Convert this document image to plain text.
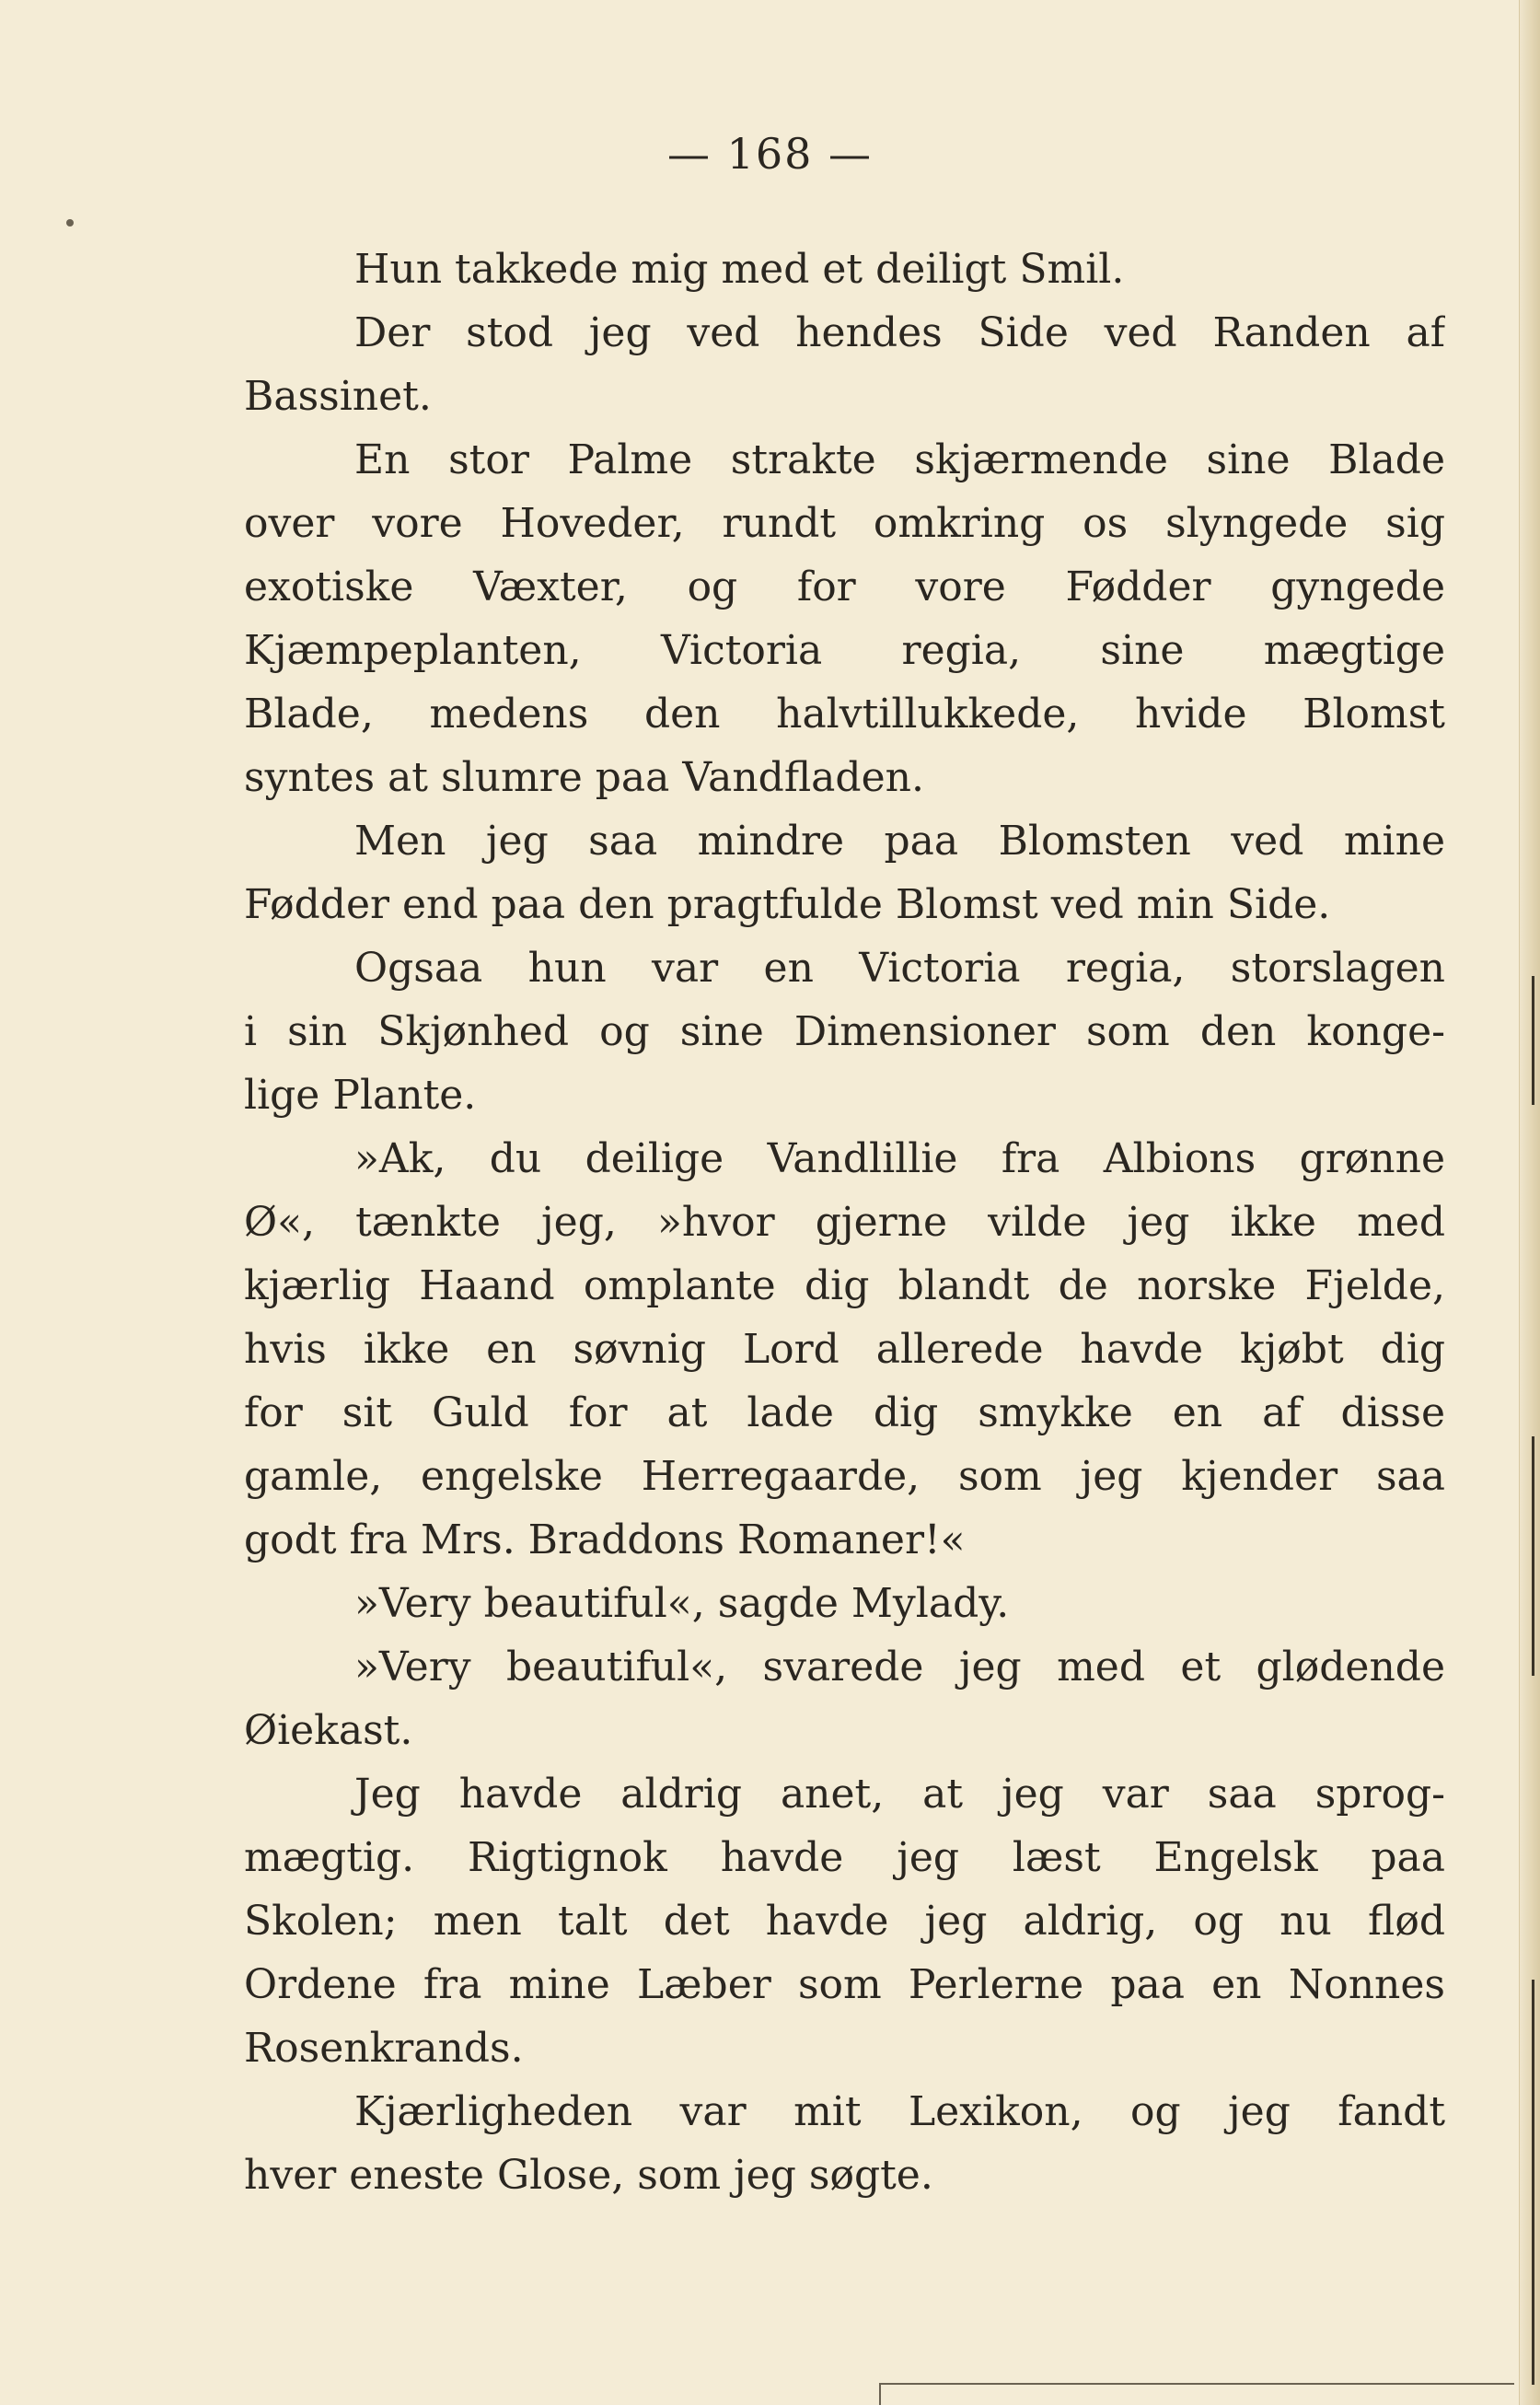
— 168 —
Hun takkede mig med et deiligt Smil.
Der stod jeg ved hendes Side ved Randen af
Bassinet.
En stor Palme strakte skjærmende sine Blade
over vore Hoveder, rundt omkring os slyngede sig
exotiske Væxter, og for vore Fødder gyngede
Kjæmpeplanten, Victoria regia, sine mægtige
Blade, medens den halvtillukkede, hvide Blomst
syntes at slumre paa Vandfladen.
Men jeg saa mindre paa Blomsten ved mine
Fødder end paa den pragtfulde Blomst ved min Side.
Ogsaa hun var en Victoria regia, storslagen
i sin Skjønhed og sine Dimensioner som den konge-
lige Plante.
»Ak, du deilige Vandlillie fra Albions grønne
Ø«, tænkte jeg, »hvor gjerne vilde jeg ikke med
kjærlig Haand omplante dig blandt de norske Fjelde,
hvis ikke en søvnig Lord allerede havde kjøbt dig
for sit Guld for at lade dig smykke en af disse
gamle, engelske Herregaarde, som jeg kjender saa
godt fra Mrs. Braddons Romaner!«
»Very beautiful«, sagde Mylady.
»Very beautiful«, svarede jeg med et glødende
Øiekast.
Jeg havde aldrig anet, at jeg var saa sprog-
mægtig. Rigtignok havde jeg læst Engelsk paa
Skolen; men talt det havde jeg aldrig, og nu flød
Ordene fra mine Læber som Perlerne paa en Nonnes
Rosenkrands.
Kjærligheden var mit Lexikon, og jeg fandt
hver eneste Glose, som jeg søgte.
